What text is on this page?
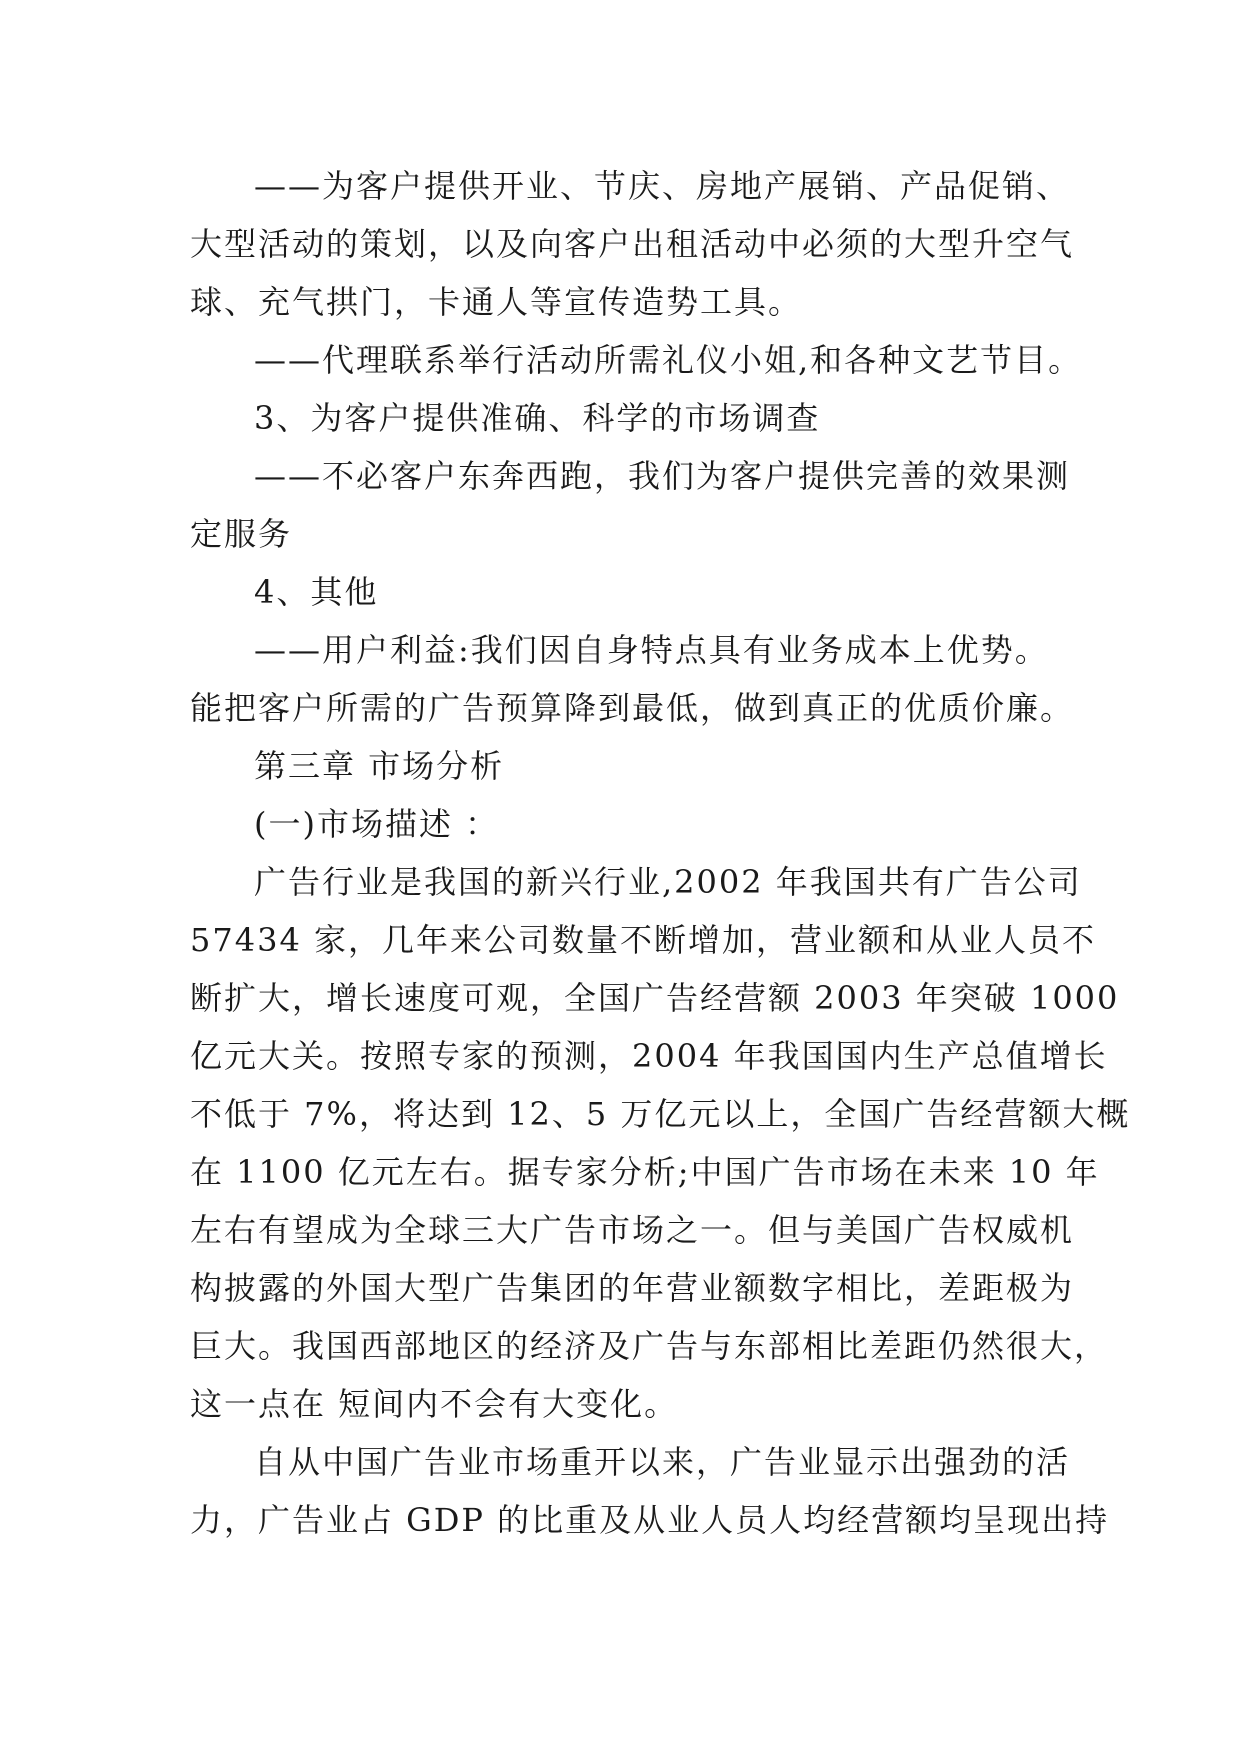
——为客户提供开业、节庆、房地产展销、产品促销、
大型活动的策划，以及向客户出租活动中必须的大型升空气
球、充气拱门，卡通人等宣传造势工具。
——代理联系举行活动所需礼仪小姐,和各种文艺节目。
3、为客户提供准确、科学的市场调查
——不必客户东奔西跑，我们为客户提供完善的效果测
定服务
4、其他
——用户利益:我们因自身特点具有业务成本上优势。
能把客户所需的广告预算降到最低，做到真正的优质价廉。
第三章 市场分析
(一)市场描述 ：
广告行业是我国的新兴行业,2002 年我国共有广告公司
57434 家，几年来公司数量不断增加，营业额和从业人员不
断扩大，增长速度可观，全国广告经营额 2003 年突破 1000
亿元大关。按照专家的预测，2004 年我国国内生产总值增长
不低于 7%，将达到 12、5 万亿元以上，全国广告经营额大概
在 1100 亿元左右。据专家分析;中国广告市场在未来 10 年
左右有望成为全球三大广告市场之一。但与美国广告权威机
构披露的外国大型广告集团的年营业额数字相比，差距极为
巨大。我国西部地区的经济及广告与东部相比差距仍然很大，
这一点在 短间内不会有大变化。
自从中国广告业市场重开以来，广告业显示出强劲的活
力，广告业占 GDP 的比重及从业人员人均经营额均呈现出持
